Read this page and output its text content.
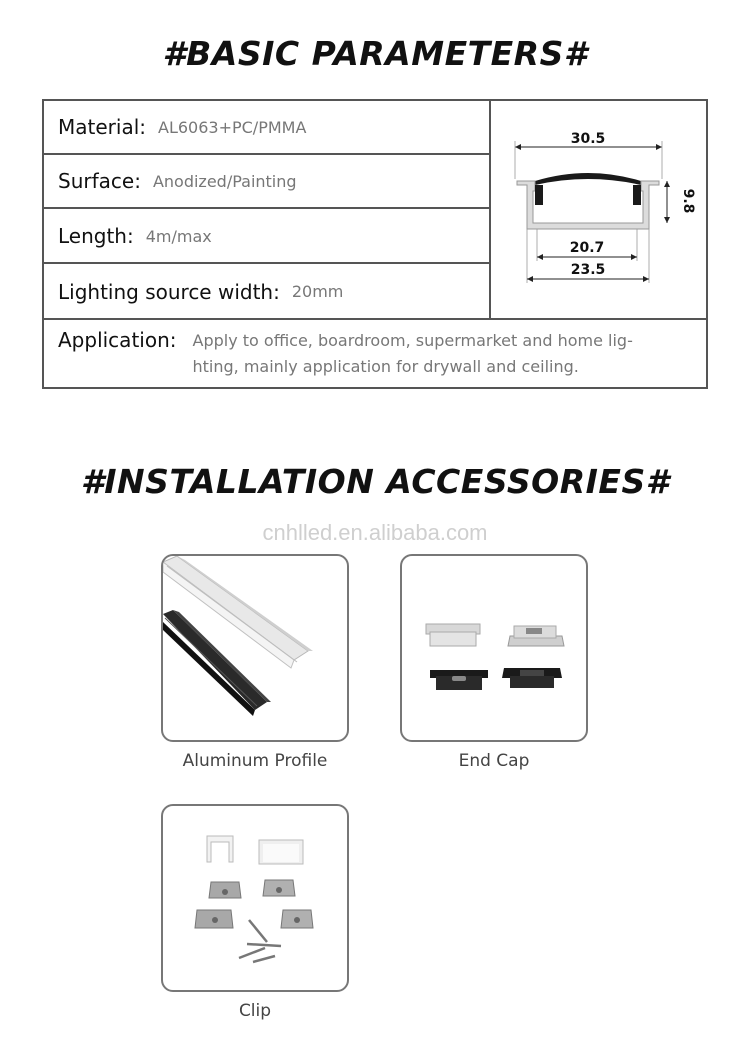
#BASIC PARAMETERS#
Material: AL6063+PC/PMMA
Surface: Anodized/Painting
Length: 4m/max
Lighting source width: 20mm
30.5
9.8
20.7
23.5
Application: Apply to office, boardroom, supermarket and home lig-
hting, mainly application for drywall and ceiling.
#INSTALLATION ACCESSORIES#
cnhlled.en.alibaba.com
Aluminum Profile	End Cap
Clip
